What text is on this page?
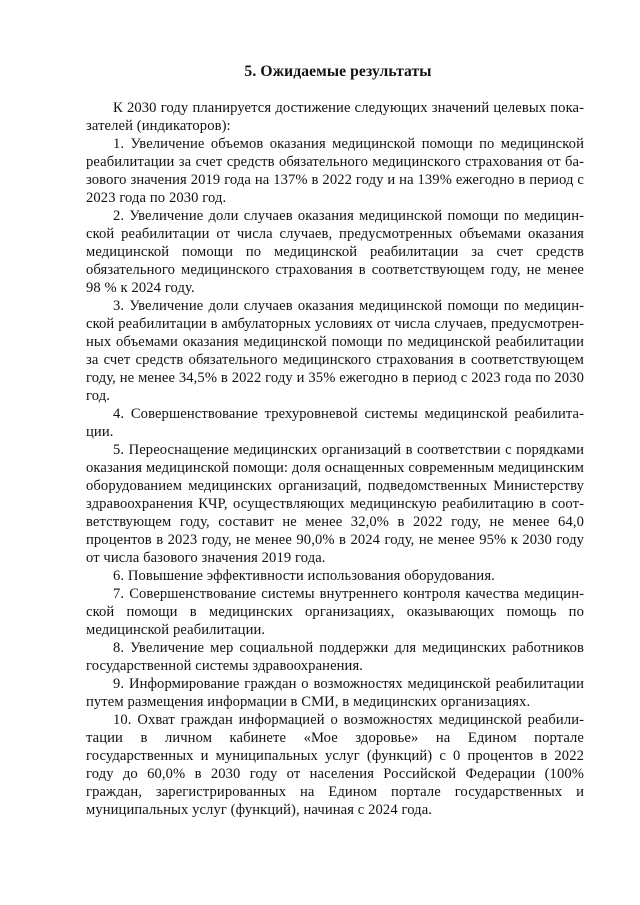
5. Ожидаемые результаты

К 2030 году планируется достижение следующих значений целевых показателей (индикаторов):

1. Увеличение объемов оказания медицинской помощи по медицинской реабилитации за счет средств обязательного медицинского страхования от базового значения 2019 года на 137% в 2022 году и на 139% ежегодно в период с 2023 года по 2030 год.

2. Увеличение доли случаев оказания медицинской помощи по медицинской реабилитации от числа случаев, предусмотренных объемами оказания медицинской помощи по медицинской реабилитации за счет средств обязательного медицинского страхования в соответствующем году, не менее 98 % к 2024 году.

3. Увеличение доли случаев оказания медицинской помощи по медицинской реабилитации в амбулаторных условиях от числа случаев, предусмотренных объемами оказания медицинской помощи по медицинской реабилитации за счет средств обязательного медицинского страхования в соответствующем году, не менее 34,5% в 2022 году и 35% ежегодно в период с 2023 года по 2030 год.

4. Совершенствование трехуровневой системы медицинской реабилитации.

5. Переоснащение медицинских организаций в соответствии с порядками оказания медицинской помощи: доля оснащенных современным медицинским оборудованием медицинских организаций, подведомственных Министерству здравоохранения КЧР, осуществляющих медицинскую реабилитацию в соответствующем году, составит не менее 32,0% в 2022 году, не менее 64,0 процентов в 2023 году, не менее 90,0% в 2024 году, не менее 95% к 2030 году от числа базового значения 2019 года.

6. Повышение эффективности использования оборудования.

7. Совершенствование системы внутреннего контроля качества медицинской помощи в медицинских организациях, оказывающих помощь по медицинской реабилитации.

8. Увеличение мер социальной поддержки для медицинских работников государственной системы здравоохранения.

9. Информирование граждан о возможностях медицинской реабилитации путем размещения информации в СМИ, в медицинских организациях.

10. Охват граждан информацией о возможностях медицинской реабилитации в личном кабинете «Мое здоровье» на Едином портале государственных и муниципальных услуг (функций) с 0 процентов в 2022 году до 60,0% в 2030 году от населения Российской Федерации (100% граждан, зарегистрированных на Едином портале государственных и муниципальных услуг (функций), начиная с 2024 года.
